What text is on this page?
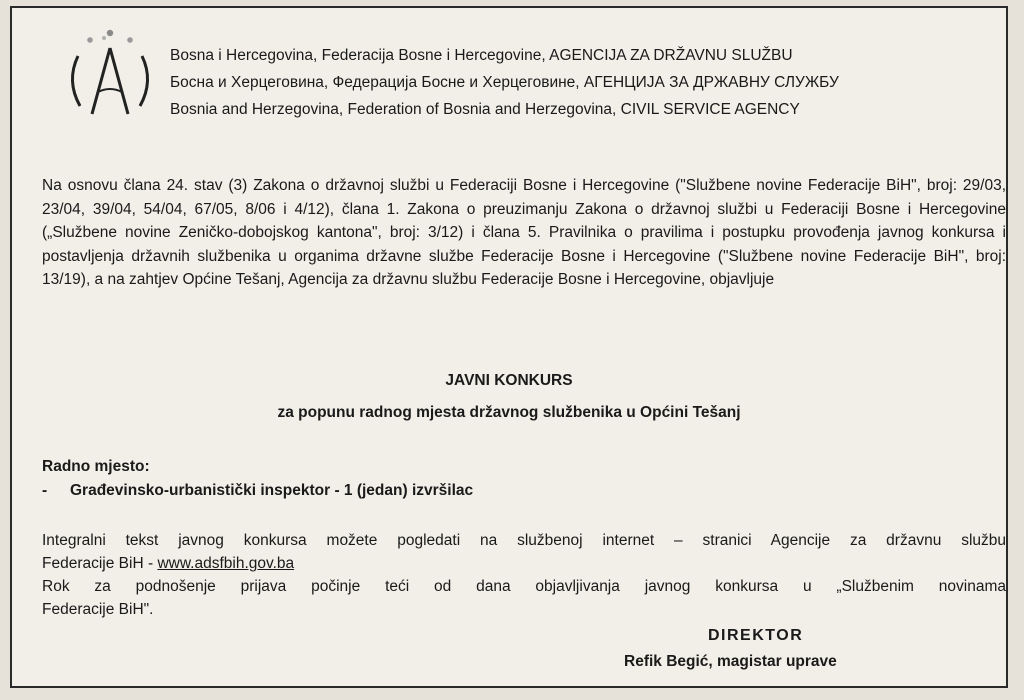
Bosna i Hercegovina, Federacija Bosne i Hercegovine, AGENCIJA ZA DRŽAVNU SLUŽBU
Босна и Херцеговина, Федерација Босне и Херцеговине, АГЕНЦИЈА ЗА ДРЖАВНУ СЛУЖБУ
Bosnia and Herzegovina, Federation of Bosnia and Herzegovina, CIVIL SERVICE AGENCY
Na osnovu člana 24. stav (3) Zakona o državnoj službi u Federaciji Bosne i Hercegovine ("Službene novine Federacije BiH", broj: 29/03, 23/04, 39/04, 54/04, 67/05, 8/06 i 4/12), člana 1. Zakona o preuzimanju Zakona o državnoj službi u Federaciji Bosne i Hercegovine („Službene novine Zeničko-dobojskog kantona", broj: 3/12) i člana 5. Pravilnika o pravilima i postupku provođenja javnog konkursa i postavljenja državnih službenika u organima državne službe Federacije Bosne i Hercegovine ("Službene novine Federacije BiH", broj: 13/19), a na zahtjev Općine Tešanj, Agencija za državnu službu Federacije Bosne i Hercegovine, objavljuje
JAVNI KONKURS
za popunu radnog mjesta državnog službenika u Općini Tešanj
Radno mjesto:
- Građevinsko-urbanistički inspektor - 1 (jedan) izvršilac
Integralni tekst javnog konkursa možete pogledati na službenoj internet – stranici Agencije za državnu službu
Federacije BiH - www.adsfbih.gov.ba
Rok za podnošenje prijava počinje teći od dana objavljivanja javnog konkursa u „Službenim novinama
Federacije BiH".
DIREKTOR
Refik Begić, magistar uprave
